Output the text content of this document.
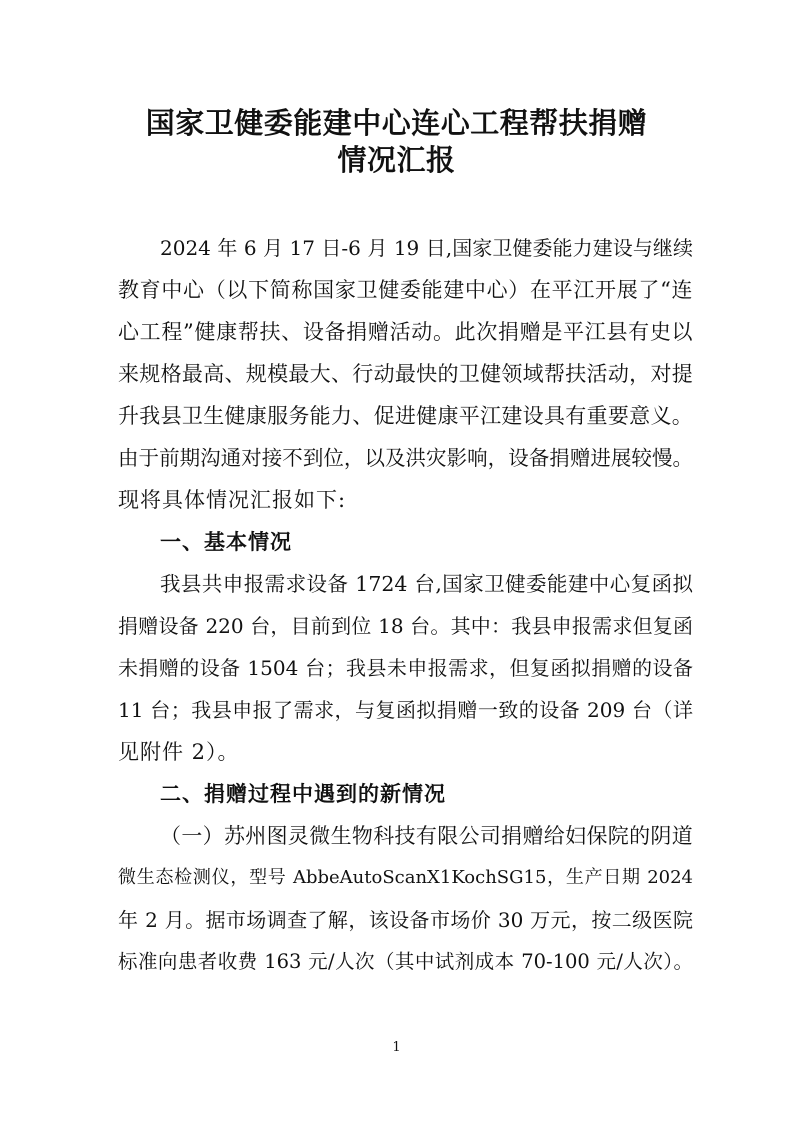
国家卫健委能建中心连心工程帮扶捐赠
情况汇报
2024 年 6 月 17 日-6 月 19 日,国家卫健委能力建设与继续
教育中心（以下简称国家卫健委能建中心）在平江开展了“连
心工程”健康帮扶、设备捐赠活动。此次捐赠是平江县有史以
来规格最高、规模最大、行动最快的卫健领域帮扶活动，对提
升我县卫生健康服务能力、促进健康平江建设具有重要意义。
由于前期沟通对接不到位，以及洪灾影响，设备捐赠进展较慢。
现将具体情况汇报如下:
一、基本情况
我县共申报需求设备 1724 台,国家卫健委能建中心复函拟
捐赠设备 220 台，目前到位 18 台。其中：我县申报需求但复函
未捐赠的设备 1504 台；我县未申报需求，但复函拟捐赠的设备
11 台；我县申报了需求，与复函拟捐赠一致的设备 209 台（详
见附件 2）。
二、捐赠过程中遇到的新情况
（一）苏州图灵微生物科技有限公司捐赠给妇保院的阴道
微生态检测仪，型号 AbbeAutoScanX1KochSG15，生产日期 2024
年 2 月。据市场调查了解，该设备市场价 30 万元，按二级医院
标准向患者收费 163 元/人次（其中试剂成本 70-100 元/人次）。
1
